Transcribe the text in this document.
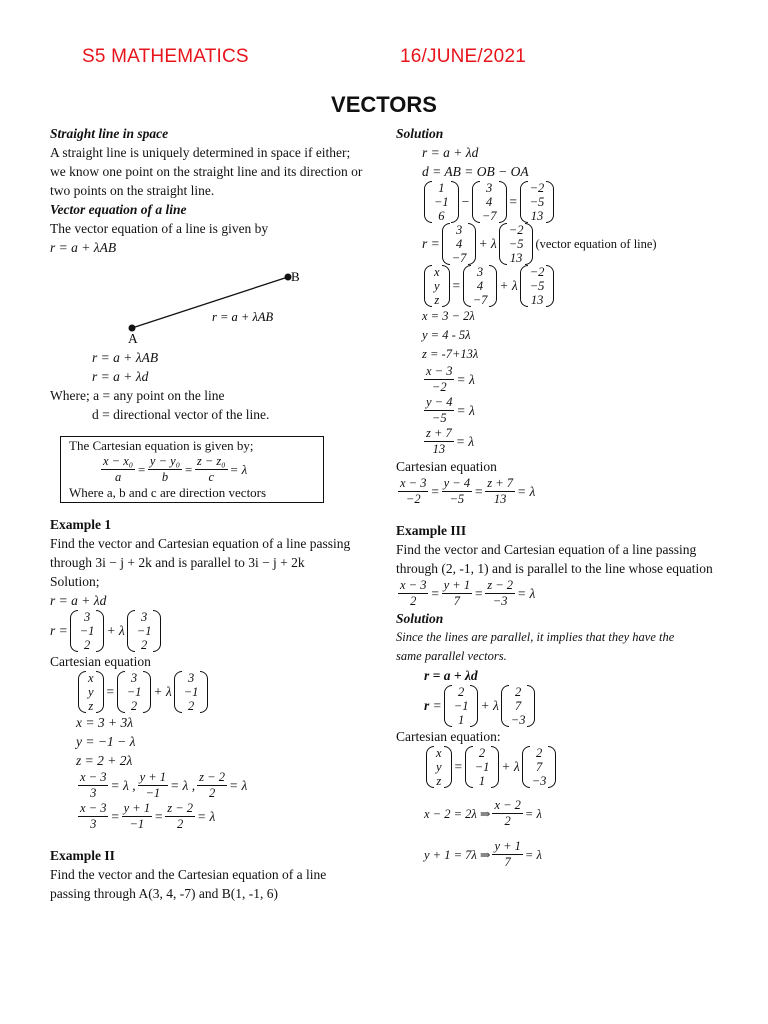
S5 MATHEMATICS	16/JUNE/2021
VECTORS

Straight line in space

A straight line is uniquely determined in space if either;

we know one point on the straight line and its direction or

two points on the straight line.

Vector equation of a line

The vector equation of a line is given by

r = a + λAB

B
r = a + λAB

A

r = a + λAB

r = a + λd

Where; a = any point on the line

d = directional vector of the line.

The Cartesian equation is given by;
$\frac{\text{x − x₀}}{a} = \frac{\text{y − y₀}}{b} = \frac{\text{z − z₀}}{c} = \lambda$
Where a, b and c are direction vectors

Example 1

Find the vector and Cartesian equation of a line passing

through 3i − j + 2k and is parallel to 3i − j + 2k

Solution;

r = a + λd

r =
3
−1
2
+ λ
3
−1
2

Cartesian equation

x
y
z
=
3
−1
2
+ λ
3
−1
2

x = 3 + 3λ

y = −1 − λ

z = 2 + 2λ

$\frac{x - 3}{3} = \lambda$ , $\frac{y + 1}{-1} = \lambda$ , $\frac{z - 2}{2} = \lambda$
$\frac{x - 3}{3} = \frac{y + 1}{-1} = \frac{z - 2}{2} = \lambda$

Example II

Find the vector and the Cartesian equation of a line

passing through A(3, 4, -7) and B(1, -1, 6)

Solution

r = a + λd

d = AB = OB − OA

1
−1
6
−
3
4
−7
=
−2
−5
13
r =
3
4
−7
+ λ
−2
−5
13
(vector equation of line)
x
y
z
=
3
4
−7
+ λ
−2
−5
13

x = 3 − 2λ

y = 4 - 5λ

z = -7+13λ

$\frac{x - 3}{-2} = \lambda$
$\frac{y - 4}{-5} = \lambda$
$\frac{z + 7}{13} = \lambda$

Cartesian equation

$\frac{x - 3}{-2} = \frac{y - 4}{-5} = \frac{z + 7}{13} = \lambda$

Example III

Find the vector and Cartesian equation of a line passing

through (2, -1, 1) and is parallel to the line whose equation

$\frac{x - 3}{2} = \frac{y + 1}{7} = \frac{z - 2}{-3} = \lambda$

Solution

Since the lines are parallel, it implies that they have the

same parallel vectors.

r = a + λd

r =
2
−1
1
+ λ
2
7
−3

Cartesian equation:

x
y
z
=
2
−1
1
+ λ
2
7
−3
x − 2 = 2λ ⇒ $\frac{x - 2}{2} = \lambda$
y + 1 = 7λ ⇒ $\frac{y + 1}{7} = \lambda$
